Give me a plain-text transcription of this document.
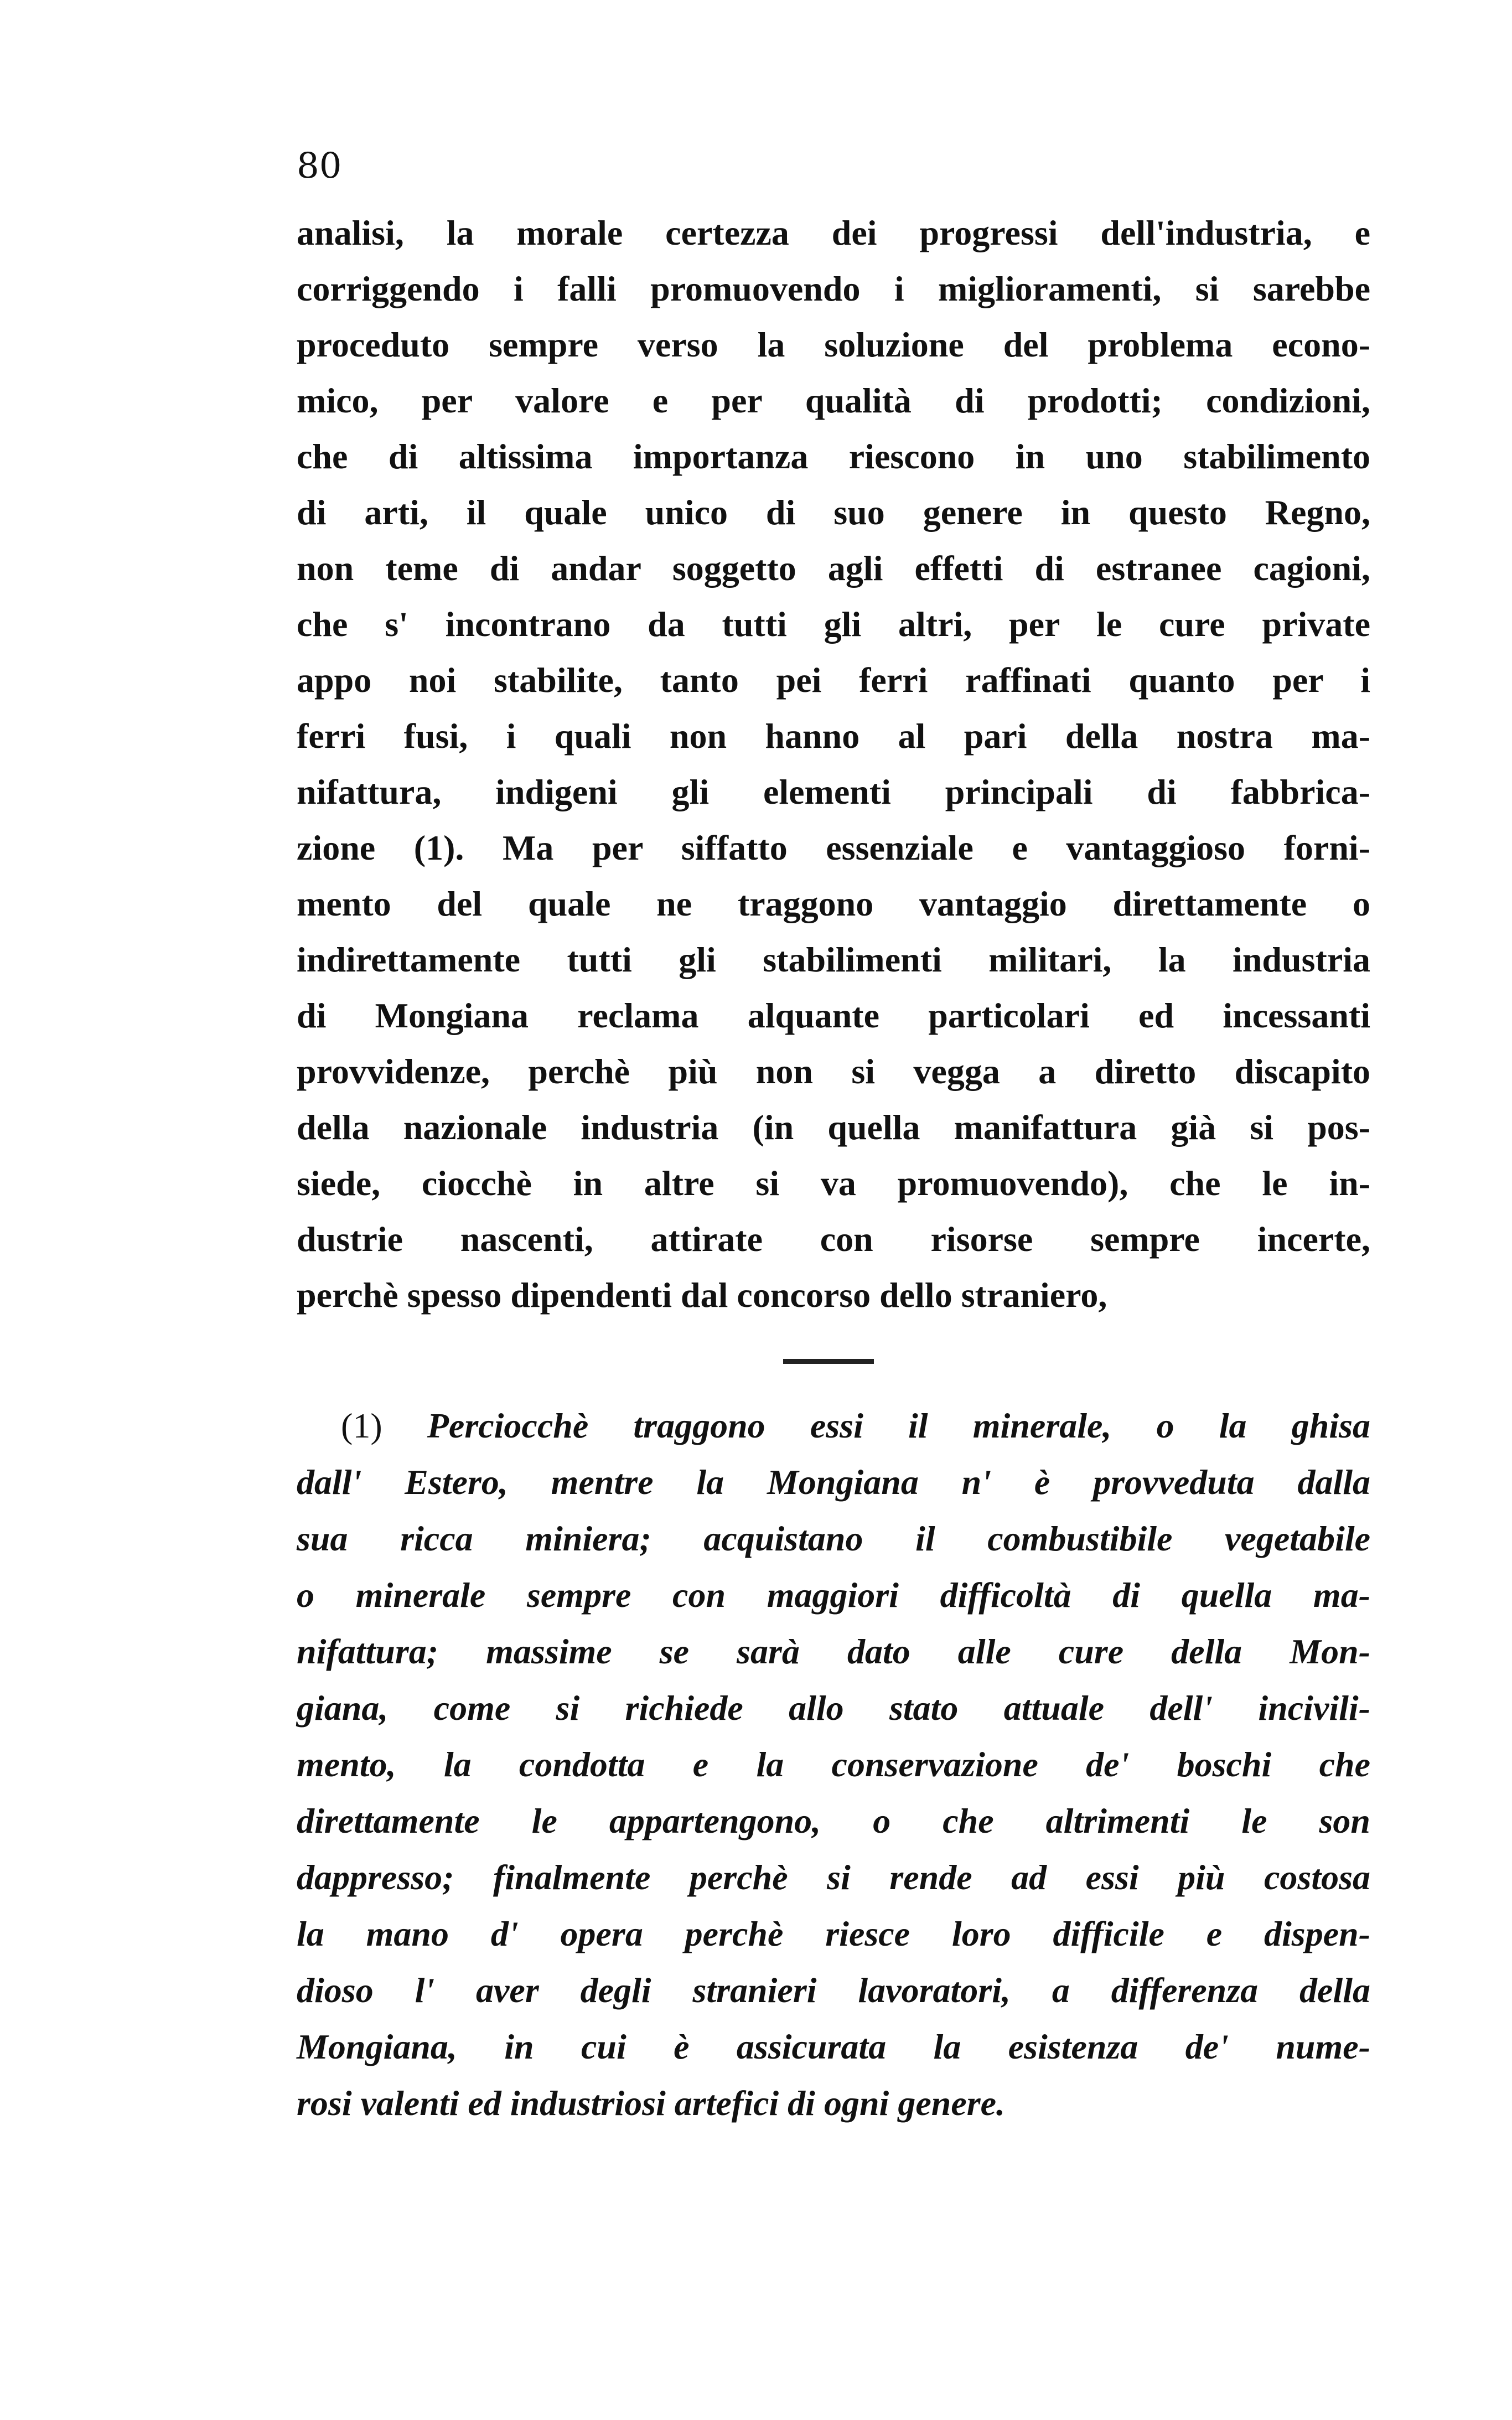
80
analisi, la morale certezza dei progressi dell'industria, e
corriggendo i falli promuovendo i miglioramenti, si sarebbe
proceduto sempre verso la soluzione del problema econo-
mico, per valore e per qualità di prodotti; condizioni,
che di altissima importanza riescono in uno stabilimento
di arti, il quale unico di suo genere in questo Regno,
non teme di andar soggetto agli effetti di estranee cagioni,
che s' incontrano da tutti gli altri, per le cure private
appo noi stabilite, tanto pei ferri raffinati quanto per i
ferri fusi, i quali non hanno al pari della nostra ma-
nifattura, indigeni gli elementi principali di fabbrica-
zione (1). Ma per siffatto essenziale e vantaggioso forni-
mento del quale ne traggono vantaggio direttamente o
indirettamente tutti gli stabilimenti militari, la industria
di Mongiana reclama alquante particolari ed incessanti
provvidenze, perchè più non si vegga a diretto discapito
della nazionale industria (in quella manifattura già si pos-
siede, ciocchè in altre si va promuovendo), che le in-
dustrie nascenti, attirate con risorse sempre incerte,
perchè spesso dipendenti dal concorso dello straniero,
(1) Perciocchè traggono essi il minerale, o la ghisa
dall' Estero, mentre la Mongiana n' è provveduta dalla
sua ricca miniera; acquistano il combustibile vegetabile
o minerale sempre con maggiori difficoltà di quella ma-
nifattura; massime se sarà dato alle cure della Mon-
giana, come si richiede allo stato attuale dell' incivili-
mento, la condotta e la conservazione de' boschi che
direttamente le appartengono, o che altrimenti le son
dappresso; finalmente perchè si rende ad essi più costosa
la mano d' opera perchè riesce loro difficile e dispen-
dioso l' aver degli stranieri lavoratori, a differenza della
Mongiana, in cui è assicurata la esistenza de' nume-
rosi valenti ed industriosi artefici di ogni genere.
